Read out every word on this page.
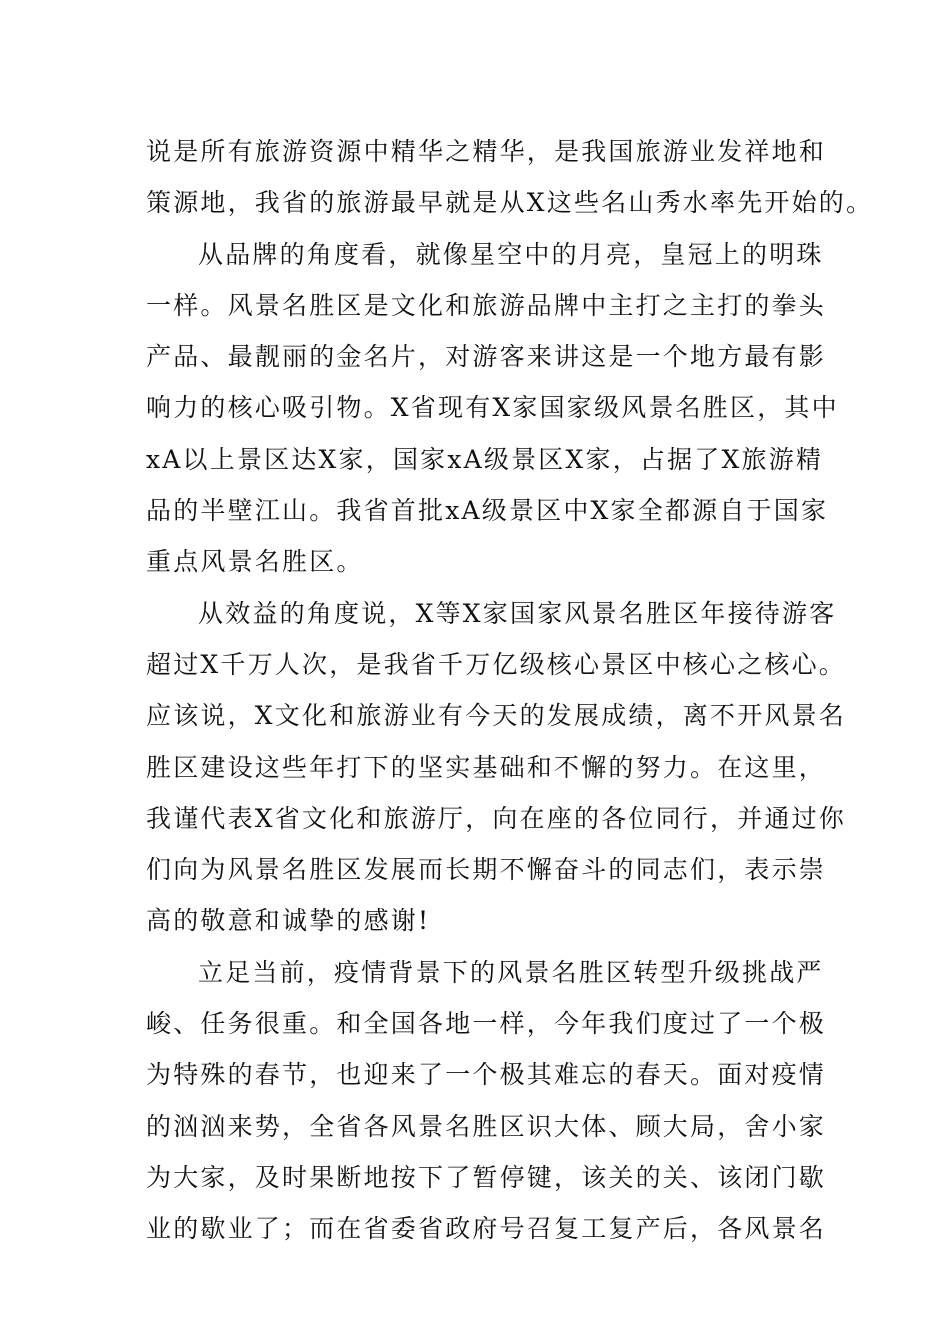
说是所有旅游资源中精华之精华，是我国旅游业发祥地和
策源地，我省的旅游最早就是从X这些名山秀水率先开始的。
从品牌的角度看，就像星空中的月亮，皇冠上的明珠
一样。风景名胜区是文化和旅游品牌中主打之主打的拳头
产品、最靓丽的金名片，对游客来讲这是一个地方最有影
响力的核心吸引物。X省现有X家国家级风景名胜区，其中
xA以上景区达X家，国家xA级景区X家，占据了X旅游精
品的半壁江山。我省首批xA级景区中X家全都源自于国家
重点风景名胜区。
从效益的角度说，X等X家国家风景名胜区年接待游客
超过X千万人次，是我省千万亿级核心景区中核心之核心。
应该说，X文化和旅游业有今天的发展成绩，离不开风景名
胜区建设这些年打下的坚实基础和不懈的努力。在这里，
我谨代表X省文化和旅游厅，向在座的各位同行，并通过你
们向为风景名胜区发展而长期不懈奋斗的同志们，表示崇
高的敬意和诚挚的感谢!
立足当前，疫情背景下的风景名胜区转型升级挑战严
峻、任务很重。和全国各地一样，今年我们度过了一个极
为特殊的春节，也迎来了一个极其难忘的春天。面对疫情
的汹汹来势，全省各风景名胜区识大体、顾大局，舍小家
为大家，及时果断地按下了暂停键，该关的关、该闭门歇
业的歇业了；而在省委省政府号召复工复产后，各风景名
